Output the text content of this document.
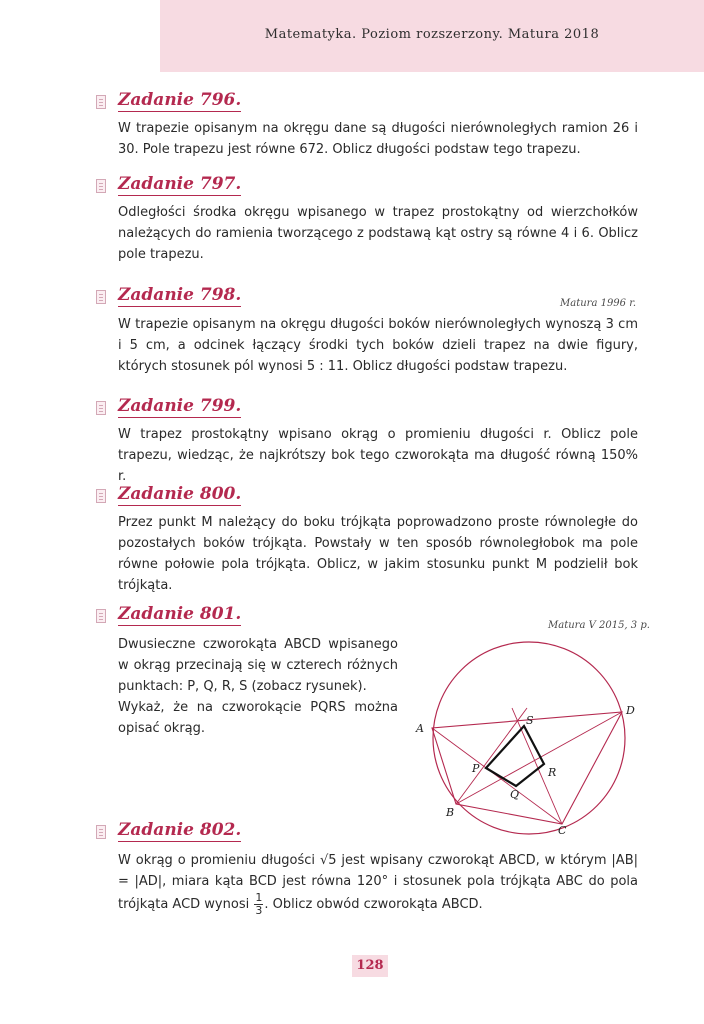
Matematyka. Poziom rozszerzony. Matura 2018
Zadanie 796.

W trapezie opisanym na okręgu dane są długości nierównoległych ramion 26 i 30. Pole trapezu jest równe 672. Oblicz długości podstaw tego trapezu.

Zadanie 797.

Odległości środka okręgu wpisanego w trapez prostokątny od wierzchołków należących do ramienia tworzącego z podstawą kąt ostry są równe 4 i 6. Oblicz pole trapezu.

Zadanie 798.	Matura 1996 r.

W trapezie opisanym na okręgu długości boków nierównoległych wynoszą 3 cm i 5 cm, a odcinek łączący środki tych boków dzieli trapez na dwie figury, których stosunek pól wynosi 5 : 11. Oblicz długości podstaw trapezu.

Zadanie 799.

W trapez prostokątny wpisano okrąg o promieniu długości r. Oblicz pole trapezu, wiedząc, że najkrótszy bok tego czworokąta ma długość równą 150% r.

Zadanie 800.

Przez punkt M należący do boku trójkąta poprowadzono proste równoległe do pozostałych boków trójkąta. Powstały w ten sposób równoległobok ma pole równe połowie pola trójkąta. Oblicz, w jakim stosunku punkt M podzielił bok trójkąta.

Zadanie 801.
Matura V 2015, 3 p.

Dwusieczne czworokąta ABCD wpisanego w okrąg przecinają się w czterech różnych punktach: P, Q, R, S (zobacz rysunek).

Wykaż, że na czworokącie PQRS można opisać okrąg.	A
B
C
D
P
Q
R
S
Zadanie 802.

W okrąg o promieniu długości √5 jest wpisany czworokąt ABCD, w którym |AB| = |AD|, miara kąta BCD jest równa 120° i stosunek pola trójkąta ABC do pola trójkąta ACD wynosi $\frac{1}{3}$ . Oblicz obwód czworokąta ABCD.

128
